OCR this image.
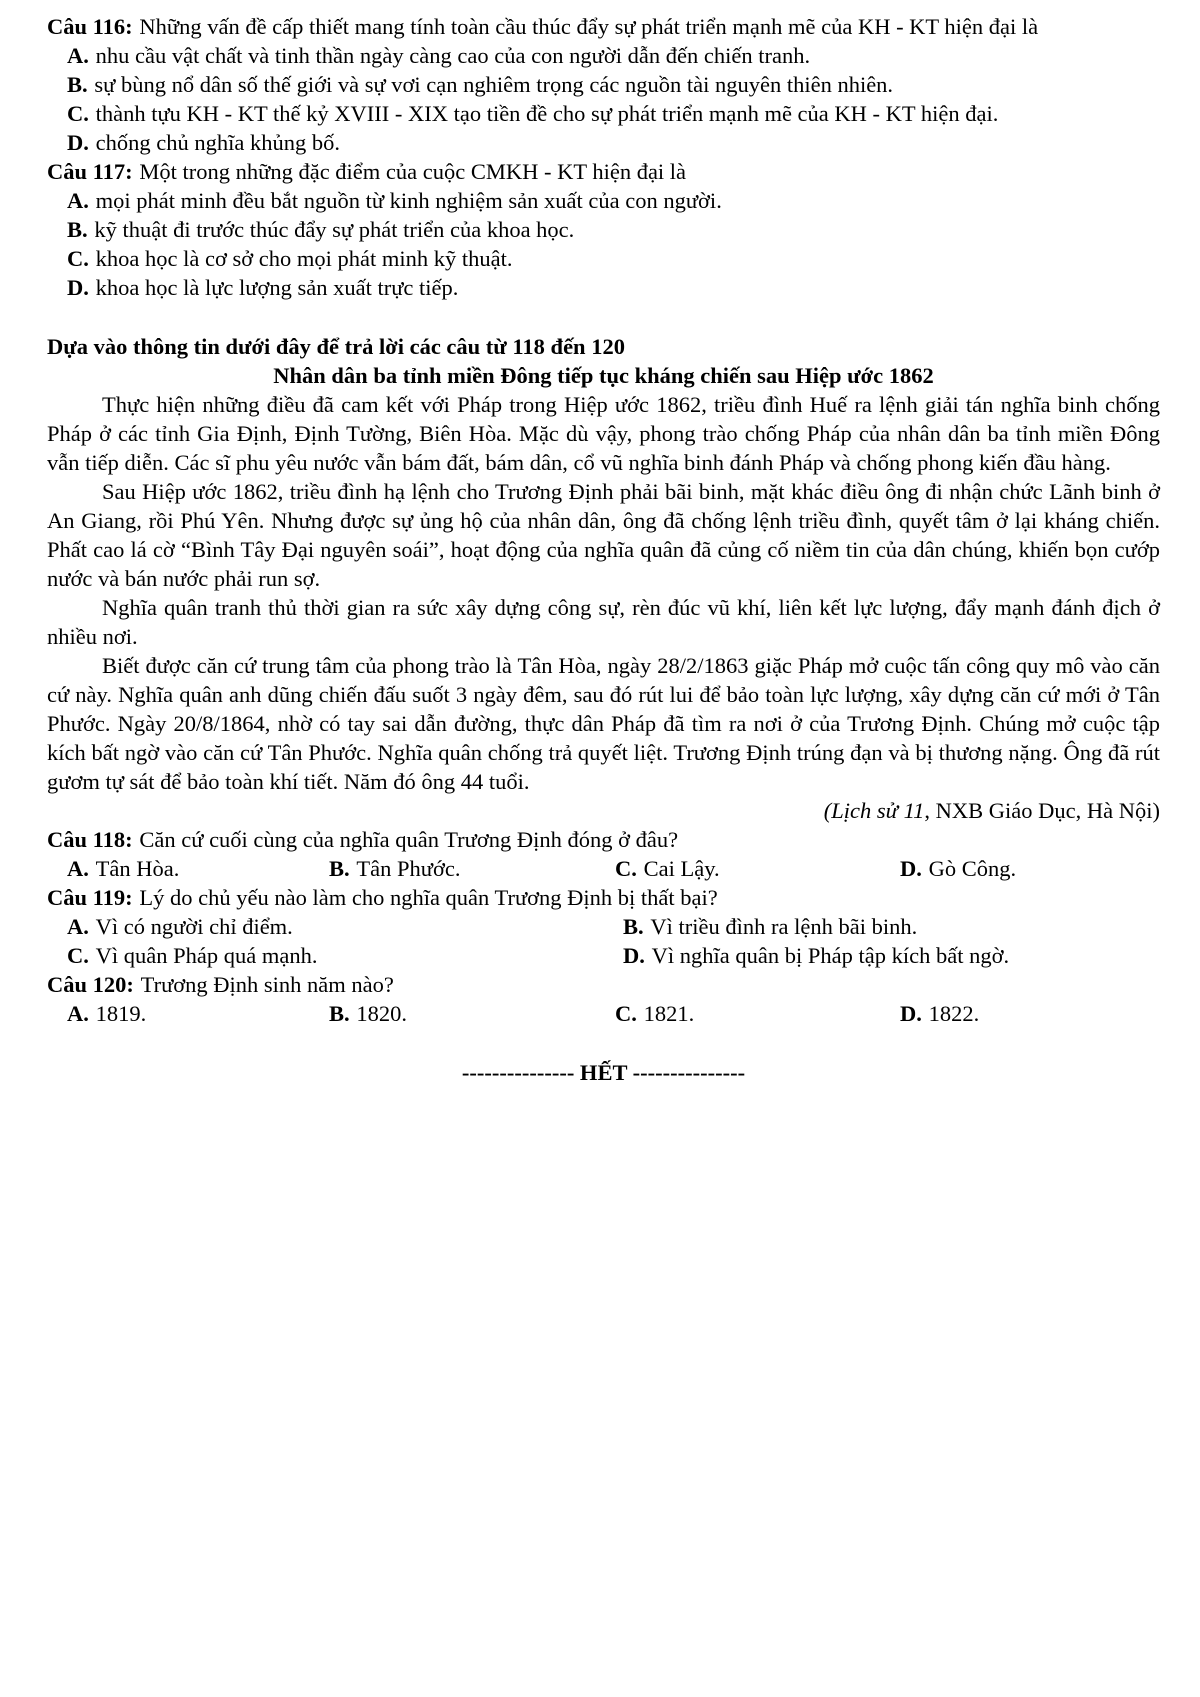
Câu 116: Những vấn đề cấp thiết mang tính toàn cầu thúc đẩy sự phát triển mạnh mẽ của KH - KT hiện đại là

A. nhu cầu vật chất và tinh thần ngày càng cao của con người dẫn đến chiến tranh.

B. sự bùng nổ dân số thế giới và sự vơi cạn nghiêm trọng các nguồn tài nguyên thiên nhiên.

C. thành tựu KH - KT thế kỷ XVIII - XIX tạo tiền đề cho sự phát triển mạnh mẽ của KH - KT hiện đại.

D. chống chủ nghĩa khủng bố.

Câu 117: Một trong những đặc điểm của cuộc CMKH - KT hiện đại là

A. mọi phát minh đều bắt nguồn từ kinh nghiệm sản xuất của con người.

B. kỹ thuật đi trước thúc đẩy sự phát triển của khoa học.

C. khoa học là cơ sở cho mọi phát minh kỹ thuật.

D. khoa học là lực lượng sản xuất trực tiếp.

Dựa vào thông tin dưới đây để trả lời các câu từ 118 đến 120

Nhân dân ba tỉnh miền Đông tiếp tục kháng chiến sau Hiệp ước 1862

Thực hiện những điều đã cam kết với Pháp trong Hiệp ước 1862, triều đình Huế ra lệnh giải tán nghĩa binh chống Pháp ở các tỉnh Gia Định, Định Tường, Biên Hòa. Mặc dù vậy, phong trào chống Pháp của nhân dân ba tỉnh miền Đông vẫn tiếp diễn. Các sĩ phu yêu nước vẫn bám đất, bám dân, cổ vũ nghĩa binh đánh Pháp và chống phong kiến đầu hàng.

Sau Hiệp ước 1862, triều đình hạ lệnh cho Trương Định phải bãi binh, mặt khác điều ông đi nhận chức Lãnh binh ở An Giang, rồi Phú Yên. Nhưng được sự ủng hộ của nhân dân, ông đã chống lệnh triều đình, quyết tâm ở lại kháng chiến. Phất cao lá cờ “Bình Tây Đại nguyên soái”, hoạt động của nghĩa quân đã củng cố niềm tin của dân chúng, khiến bọn cướp nước và bán nước phải run sợ.

Nghĩa quân tranh thủ thời gian ra sức xây dựng công sự, rèn đúc vũ khí, liên kết lực lượng, đẩy mạnh đánh địch ở nhiều nơi.

Biết được căn cứ trung tâm của phong trào là Tân Hòa, ngày 28/2/1863 giặc Pháp mở cuộc tấn công quy mô vào căn cứ này. Nghĩa quân anh dũng chiến đấu suốt 3 ngày đêm, sau đó rút lui để bảo toàn lực lượng, xây dựng căn cứ mới ở Tân Phước. Ngày 20/8/1864, nhờ có tay sai dẫn đường, thực dân Pháp đã tìm ra nơi ở của Trương Định. Chúng mở cuộc tập kích bất ngờ vào căn cứ Tân Phước. Nghĩa quân chống trả quyết liệt. Trương Định trúng đạn và bị thương nặng. Ông đã rút gươm tự sát để bảo toàn khí tiết. Năm đó ông 44 tuổi.

(Lịch sử 11, NXB Giáo Dục, Hà Nội)

Câu 118: Căn cứ cuối cùng của nghĩa quân Trương Định đóng ở đâu?

A. Tân Hòa.	B. Tân Phước.	C. Cai Lậy.	D. Gò Công.

Câu 119: Lý do chủ yếu nào làm cho nghĩa quân Trương Định bị thất bại?

A. Vì có người chỉ điểm.	B. Vì triều đình ra lệnh bãi binh.
C. Vì quân Pháp quá mạnh.	D. Vì nghĩa quân bị Pháp tập kích bất ngờ.

Câu 120: Trương Định sinh năm nào?

A. 1819.	B. 1820.	C. 1821.	D. 1822.

--------------- HẾT ---------------
